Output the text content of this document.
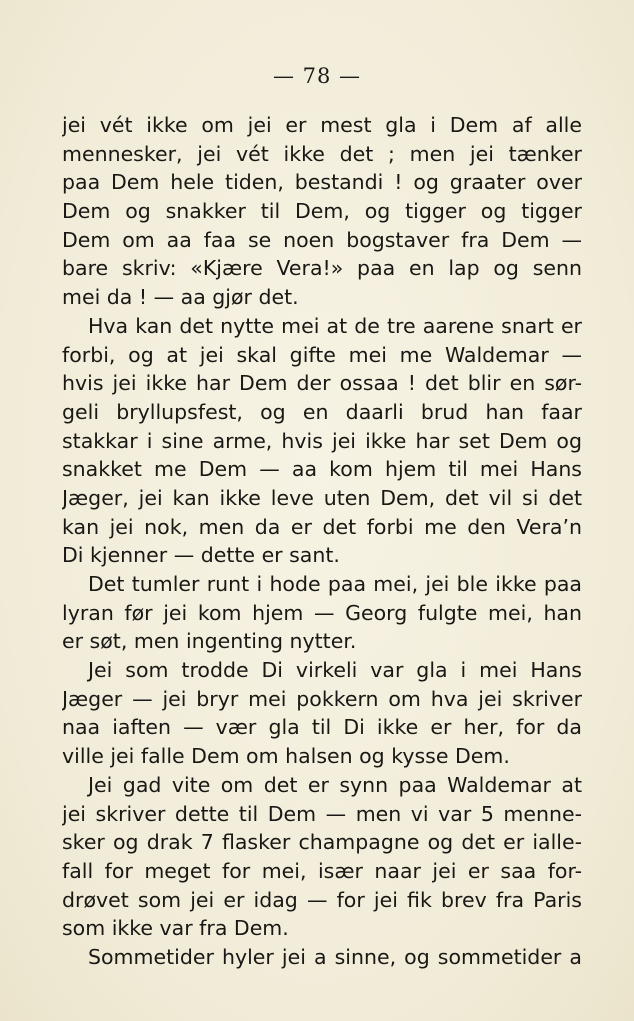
— 78 —
jei vét ikke om jei er mest gla i Dem af alle
mennesker, jei vét ikke det ; men jei tænker
paa Dem hele tiden, bestandi ! og graater over
Dem og snakker til Dem, og tigger og tigger
Dem om aa faa se noen bogstaver fra Dem —
bare skriv: «Kjære Vera!» paa en lap og senn
mei da ! — aa gjør det.
Hva kan det nytte mei at de tre aarene snart er
forbi, og at jei skal gifte mei me Waldemar —
hvis jei ikke har Dem der ossaa ! det blir en sør-
geli bryllupsfest, og en daarli brud han faar
stakkar i sine arme, hvis jei ikke har set Dem og
snakket me Dem — aa kom hjem til mei Hans
Jæger, jei kan ikke leve uten Dem, det vil si det
kan jei nok, men da er det forbi me den Vera’n
Di kjenner — dette er sant.
Det tumler runt i hode paa mei, jei ble ikke paa
lyran før jei kom hjem — Georg fulgte mei, han
er søt, men ingenting nytter.
Jei som trodde Di virkeli var gla i mei Hans
Jæger — jei bryr mei pokkern om hva jei skriver
naa iaften — vær gla til Di ikke er her, for da
ville jei falle Dem om halsen og kysse Dem.
Jei gad vite om det er synn paa Waldemar at
jei skriver dette til Dem — men vi var 5 menne-
sker og drak 7 flasker champagne og det er ialle-
fall for meget for mei, især naar jei er saa for-
drøvet som jei er idag — for jei fik brev fra Paris
som ikke var fra Dem.
Sommetider hyler jei a sinne, og sommetider a
